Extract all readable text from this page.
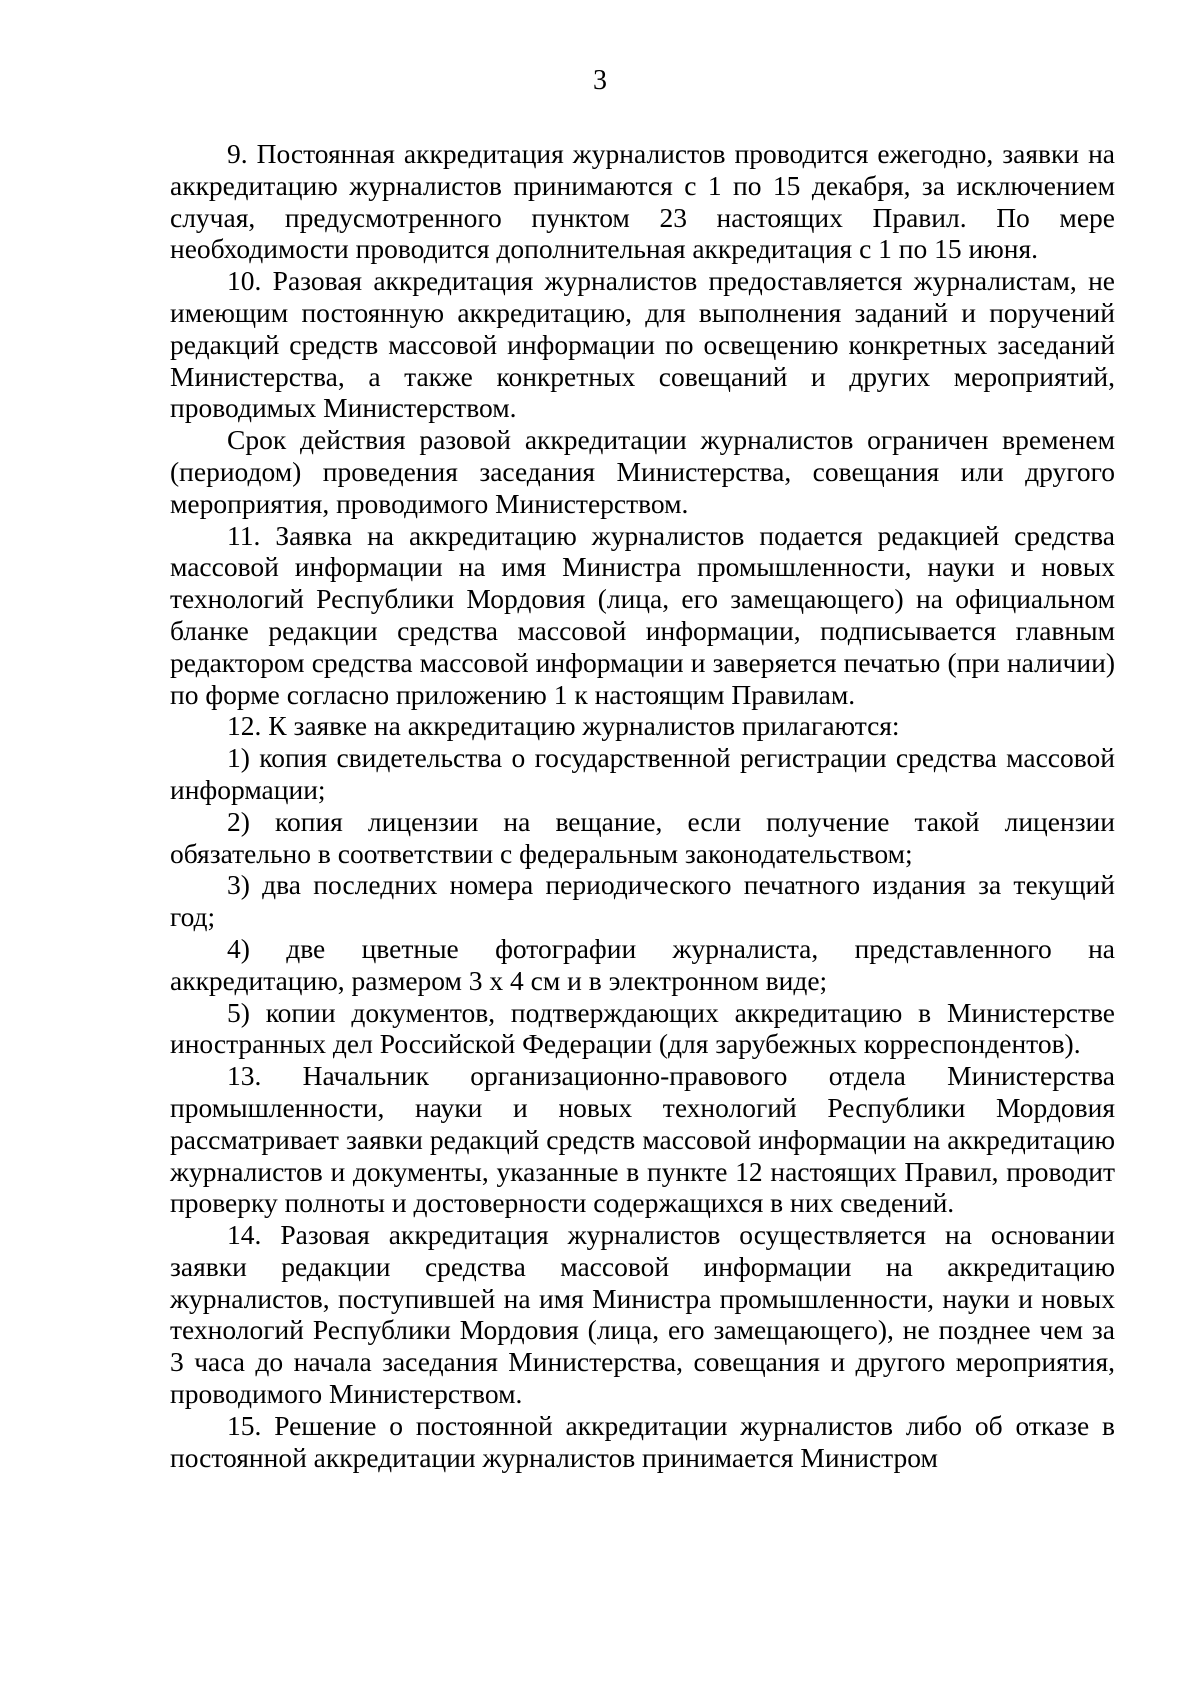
3

9. Постоянная аккредитация журналистов проводится ежегодно, заявки на аккредитацию журналистов принимаются с 1 по 15 декабря, за исключением случая, предусмотренного пунктом 23 настоящих Правил. По мере необходимости проводится дополнительная аккредитация с 1 по 15 июня.

10. Разовая аккредитация журналистов предоставляется журналистам, не имеющим постоянную аккредитацию, для выполнения заданий и поручений редакций средств массовой информации по освещению конкретных заседаний Министерства, а также конкретных совещаний и других мероприятий, проводимых Министерством.

Срок действия разовой аккредитации журналистов ограничен временем (периодом) проведения заседания Министерства, совещания или другого мероприятия, проводимого Министерством.

11. Заявка на аккредитацию журналистов подается редакцией средства массовой информации на имя Министра промышленности, науки и новых технологий Республики Мордовия (лица, его замещающего) на официальном бланке редакции средства массовой информации, подписывается главным редактором средства массовой информации и заверяется печатью (при наличии) по форме согласно приложению 1 к настоящим Правилам.

12. К заявке на аккредитацию журналистов прилагаются:

1) копия свидетельства о государственной регистрации средства массовой информации;

2) копия лицензии на вещание, если получение такой лицензии обязательно в соответствии с федеральным законодательством;

3) два последних номера периодического печатного издания за текущий год;

4) две цветные фотографии журналиста, представленного на аккредитацию, размером 3 х 4 см и в электронном виде;

5) копии документов, подтверждающих аккредитацию в Министерстве иностранных дел Российской Федерации (для зарубежных корреспондентов).

13. Начальник организационно-правового отдела Министерства промышленности, науки и новых технологий Республики Мордовия рассматривает заявки редакций средств массовой информации на аккредитацию журналистов и документы, указанные в пункте 12 настоящих Правил, проводит проверку полноты и достоверности содержащихся в них сведений.

14. Разовая аккредитация журналистов осуществляется на основании заявки редакции средства массовой информации на аккредитацию журналистов, поступившей на имя Министра промышленности, науки и новых технологий Республики Мордовия (лица, его замещающего), не позднее чем за 3 часа до начала заседания Министерства, совещания и другого мероприятия, проводимого Министерством.

15. Решение о постоянной аккредитации журналистов либо об отказе в постоянной аккредитации журналистов принимается Министром
